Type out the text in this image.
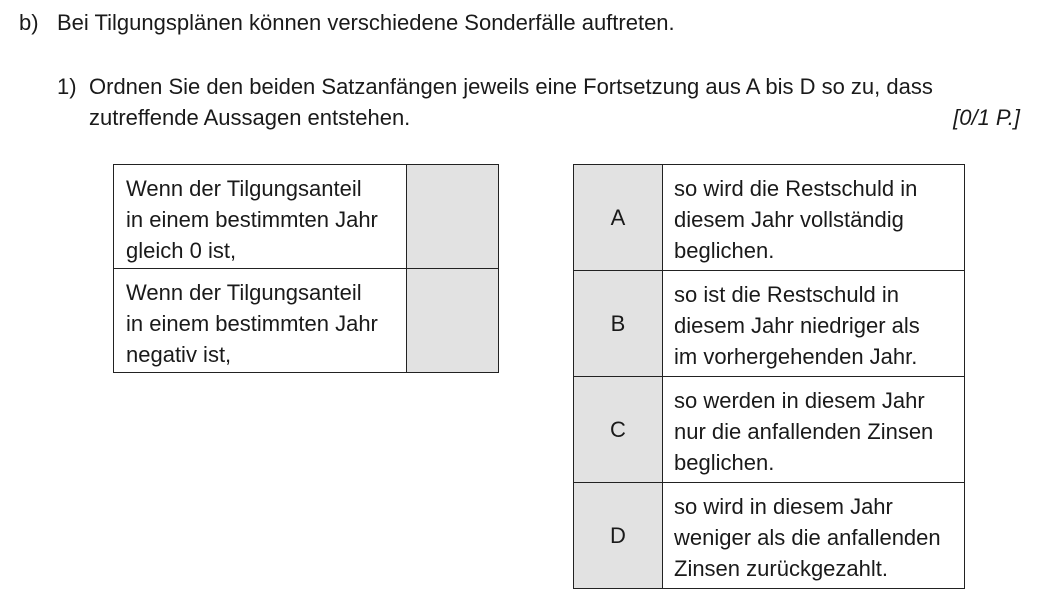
b) Bei Tilgungsplänen können verschiedene Sonderfälle auftreten.
1) Ordnen Sie den beiden Satzanfängen jeweils eine Fortsetzung aus A bis D so zu, dass
zutreffende Aussagen entstehen.	[0/1 P.]
Wenn der Tilgungsanteil
in einem bestimmten Jahr
gleich 0 ist,	

Wenn der Tilgungsanteil
in einem bestimmten Jahr
negativ ist,	

A	so wird die Restschuld in
diesem Jahr vollständig
beglichen.

B	so ist die Restschuld in
diesem Jahr niedriger als
im vorhergehenden Jahr.

C	so werden in diesem Jahr
nur die anfallenden Zinsen
beglichen.

D	so wird in diesem Jahr
weniger als die anfallenden
Zinsen zurückgezahlt.
